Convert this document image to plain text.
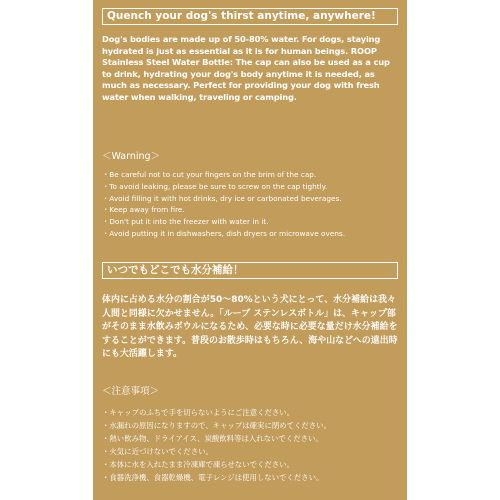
Quench your dog's thirst anytime, anywhere!

Dog's bodies are made up of 50-80% water. For dogs, staying hydrated is just as essential as it is for human beings. ROOP Stainless Steel Water Bottle: The cap can also be used as a cup to drink, hydrating your dog's body anytime it is needed, as much as necessary. Perfect for providing your dog with fresh water when walking, traveling or camping.

＜Warning＞
・Be careful not to cut your fingers on the brim of the cap.
・To avoid leaking, please be sure to screw on the cap tightly.
・Avoid filling it with hot drinks, dry ice or carbonated beverages.
・Keep away from fire.
・Don't put it into the freezer with water in it.
・Avoid putting it in dishwashers, dish dryers or microwave ovens.
いつでもどこでも水分補給！

体内に占める水分の割合が50〜80%という犬にとって、水分補給は我々人間と同様に欠かせません。「ルーブ ステンレスボトル」は、キャップ部がそのまま水飲みボウルになるため、必要な時に必要な量だけ水分補給をすることができます。普段のお散歩時はもちろん、海や山などへの遠出時にも大活躍します。

＜注意事項＞
・キャップのふちで手を切らないようにご注意ください。
・水漏れの原因になりますので、キャップは確実に閉めてください。
・熱い飲み物、ドライアイス、炭酸飲料等は入れないでください。
・火気に近づけないでください。
・本体に水を入れたまま冷凍庫で凍らせないでください。
・食器洗浄機、食器乾燥機、電子レンジは使用しないでください。
